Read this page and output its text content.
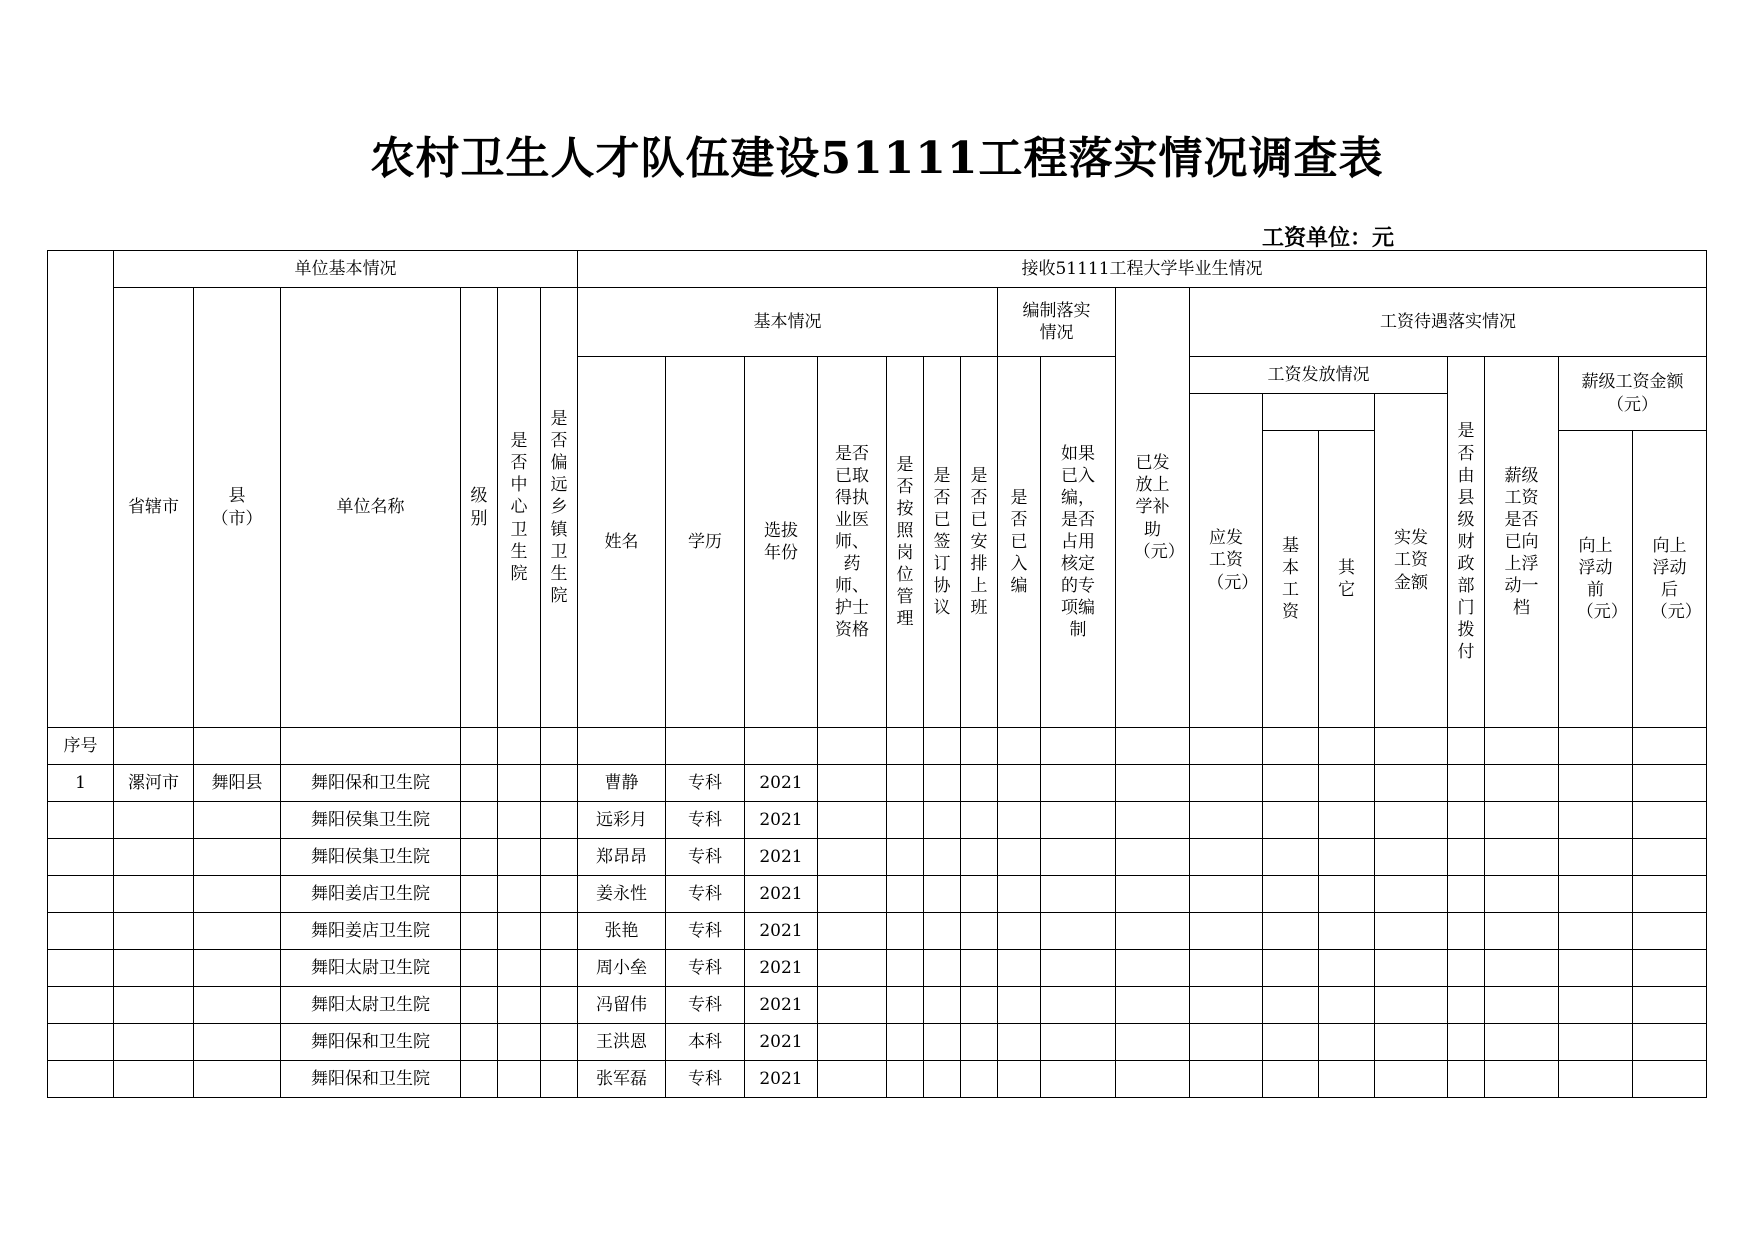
农村卫生人才队伍建设51111工程落实情况调查表
工资单位：元
	单位基本情况						接收51111工程大学毕业生情况																	
	省辖市	县（市）	单位名称	级别	是否中心卫生院	是否偏远乡镇卫生院	基本情况							编制落实情况		已发放上学补助（元）	工资待遇落实情况							
							姓名	学历	选拔年份	是否已取得执业医师、药师、护士资格	是否按照岗位管理	是否已签订协议	是否已安排上班	是否已入编	如果已入编，是否占用核定的专项编制		工资发放情况				是否由县级财政部门拨付	薪级工资是否已向上浮动一档	薪级工资金额（元）	
																	应发工资（元）			实发工资金额				
																		基本工资	其它				向上浮动前（元）	向上浮动后（元）
序号																								
1	漯河市	舞阳县	舞阳保和卫生院				曹静	专科	2021															
			舞阳侯集卫生院				远彩月	专科	2021															
			舞阳侯集卫生院				郑昂昂	专科	2021															
			舞阳姜店卫生院				姜永性	专科	2021															
			舞阳姜店卫生院				张艳	专科	2021															
			舞阳太尉卫生院				周小垒	专科	2021															
			舞阳太尉卫生院				冯留伟	专科	2021															
			舞阳保和卫生院				王洪恩	本科	2021															
			舞阳保和卫生院				张军磊	专科	2021															
